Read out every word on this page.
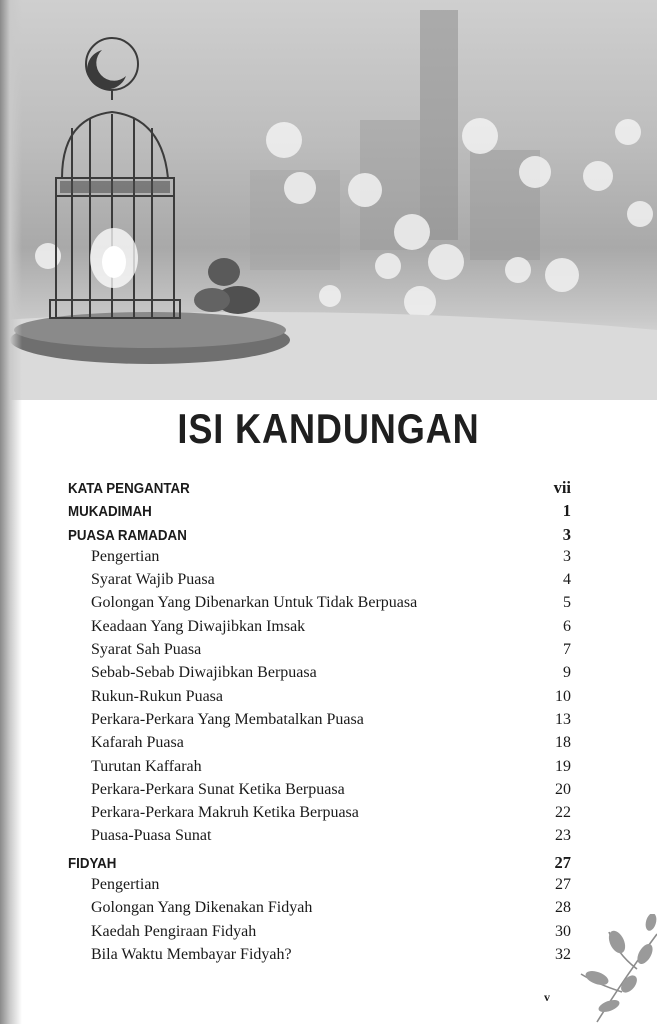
ISI KANDUNGAN
KATA PENGANTAR	vii
MUKADIMAH	1
PUASA RAMADAN	3
Pengertian	3
Syarat Wajib Puasa	4
Golongan Yang Dibenarkan Untuk Tidak Berpuasa	5
Keadaan Yang Diwajibkan Imsak	6
Syarat Sah Puasa	7
Sebab-Sebab Diwajibkan Berpuasa	9
Rukun-Rukun Puasa	10
Perkara-Perkara Yang Membatalkan Puasa	13
Kafarah Puasa	18
Turutan Kaffarah	19
Perkara-Perkara Sunat Ketika Berpuasa	20
Perkara-Perkara Makruh Ketika Berpuasa	22
Puasa-Puasa Sunat	23
FIDYAH	27
Pengertian	27
Golongan Yang Dikenakan Fidyah	28
Kaedah Pengiraan Fidyah	30
Bila Waktu Membayar Fidyah?	32
v
